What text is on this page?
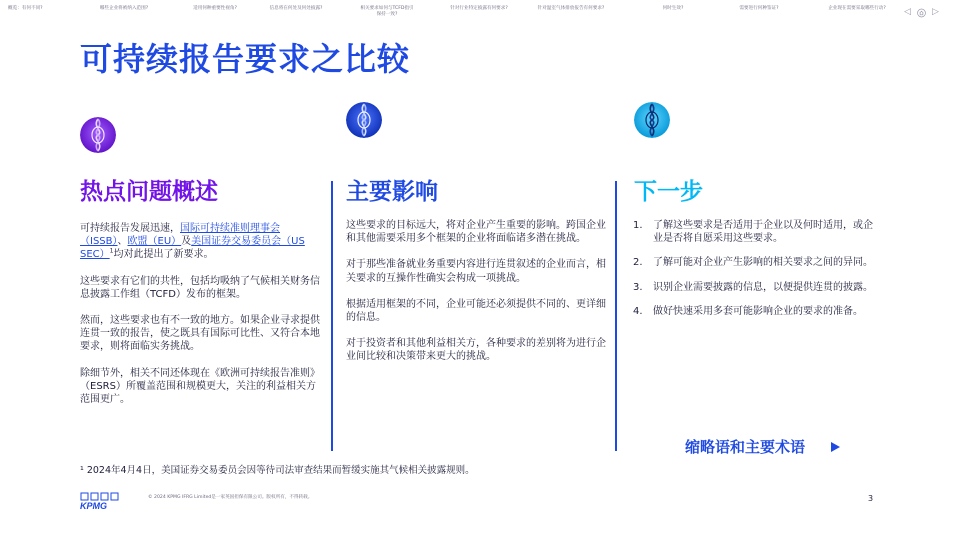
概览：有何不同?	哪些企业将被纳入范围?	适用何种重要性视角?	信息将在何处及何处披露?	相关要求如何与TCFD指引保持一致?
针对行业特定披露有何要求?	针对温室气体排放报告有何要求?	何时生效?	需要进行何种鉴证?	企业现在需要采取哪些行动?	◁ ▷
可持续报告要求之比较
热点问题概述

可持续报告发展迅速，国际可持续准则理事会（ISSB）、欧盟（EU）及美国证券交易委员会（US SEC）$^1$均对此提出了新要求。

这些要求有它们的共性，包括均吸纳了气候相关财务信息披露工作组（TCFD）发布的框架。

然而，这些要求也有不一致的地方。如果企业寻求提供连贯一致的报告，使之既具有国际可比性、又符合本地要求，则将面临实务挑战。

除细节外，相关不同还体现在《欧洲可持续报告准则》（ESRS）所覆盖范围和规模更大，关注的利益相关方范围更广。

主要影响

这些要求的目标远大，将对企业产生重要的影响。跨国企业和其他需要采用多个框架的企业将面临诸多潜在挑战。

对于那些准备就业务重要内容进行连贯叙述的企业而言，相关要求的互操作性确实会构成一项挑战。

根据适用框架的不同，企业可能还必须提供不同的、更详细的信息。

对于投资者和其他利益相关方，各种要求的差别将为进行企业间比较和决策带来更大的挑战。

下一步
1.	了解这些要求是否适用于企业以及何时适用，或企业是否将自愿采用这些要求。
2.	了解可能对企业产生影响的相关要求之间的异同。
3.	识别企业需要披露的信息，以便提供连贯的披露。
4.	做好快速采用多套可能影响企业的要求的准备。
缩略语和主要术语
¹ 2024年4月4日，美国证券交易委员会因等待司法审查结果而暂缓实施其气候相关披露规则。
KPMG
© 2024 KPMG IFRG Limited是一家英国担保有限公司。版权所有，不得转载。	3
